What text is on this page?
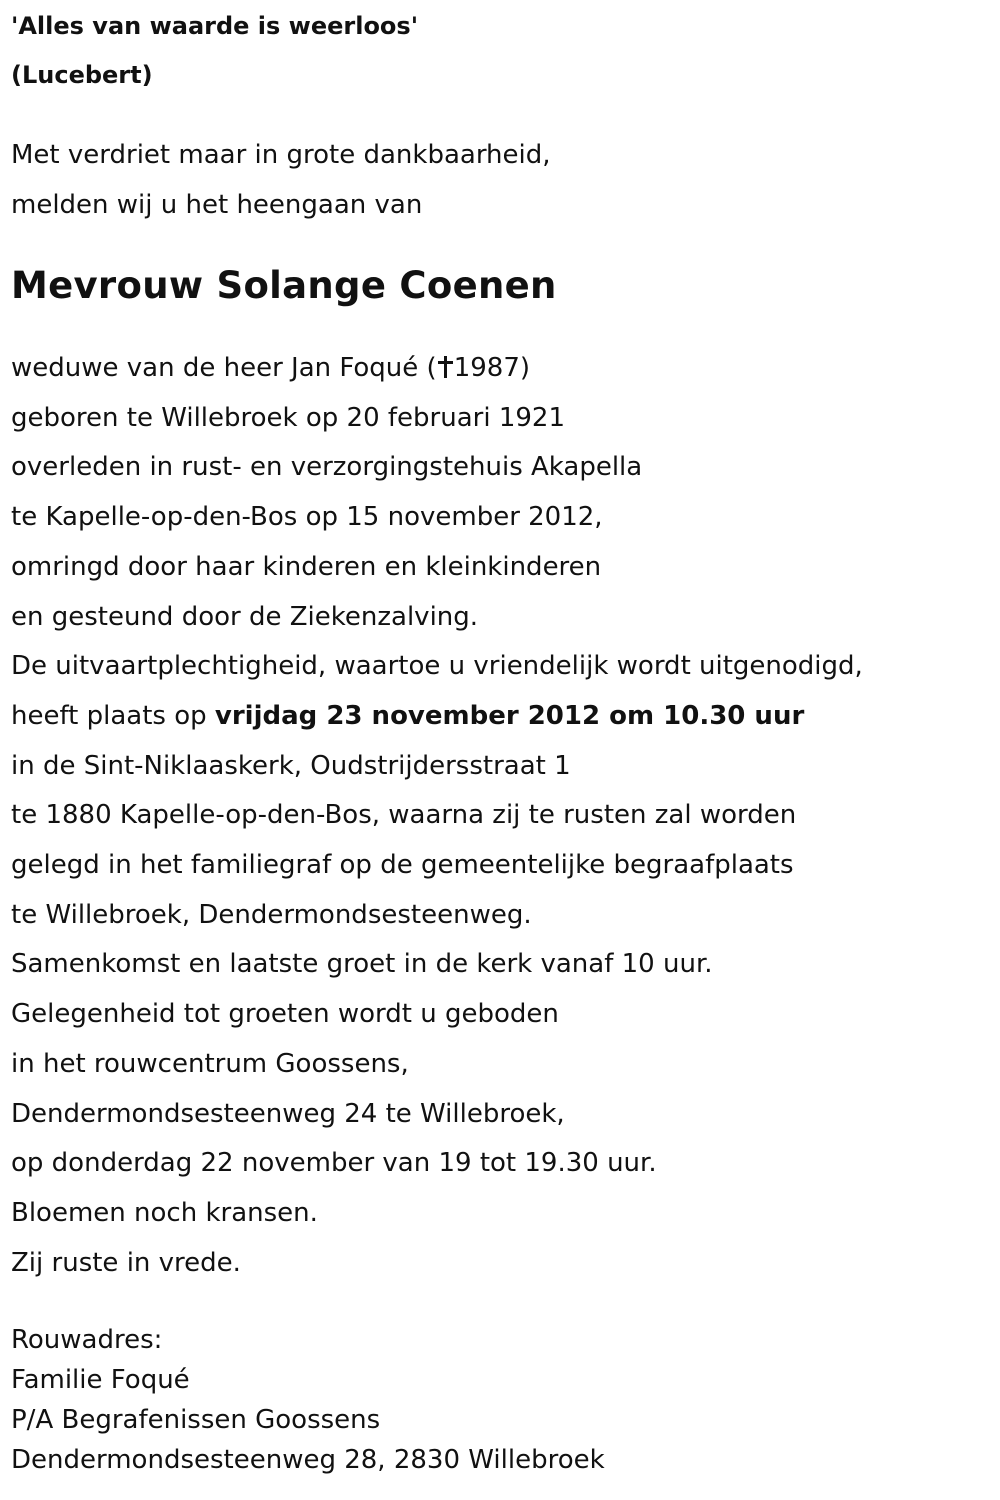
'Alles van waarde is weerloos'
(Lucebert)
Met verdriet maar in grote dankbaarheid,
melden wij u het heengaan van
Mevrouw Solange Coenen
weduwe van de heer Jan Foqué ( 1987)
geboren te Willebroek op 20 februari 1921
overleden in rust- en verzorgingstehuis Akapella
te Kapelle-op-den-Bos op 15 november 2012,
omringd door haar kinderen en kleinkinderen
en gesteund door de Ziekenzalving.
De uitvaartplechtigheid, waartoe u vriendelijk wordt uitgenodigd,
heeft plaats op vrijdag 23 november 2012 om 10.30 uur
in de Sint-Niklaaskerk, Oudstrijdersstraat 1
te 1880 Kapelle-op-den-Bos, waarna zij te rusten zal worden
gelegd in het familiegraf op de gemeentelijke begraafplaats
te Willebroek, Dendermondsesteenweg.
Samenkomst en laatste groet in de kerk vanaf 10 uur.
Gelegenheid tot groeten wordt u geboden
in het rouwcentrum Goossens,
Dendermondsesteenweg 24 te Willebroek,
op donderdag 22 november van 19 tot 19.30 uur.
Bloemen noch kransen.
Zij ruste in vrede.
Rouwadres:
Familie Foqué
P/A Begrafenissen Goossens
Dendermondsesteenweg 28, 2830 Willebroek
